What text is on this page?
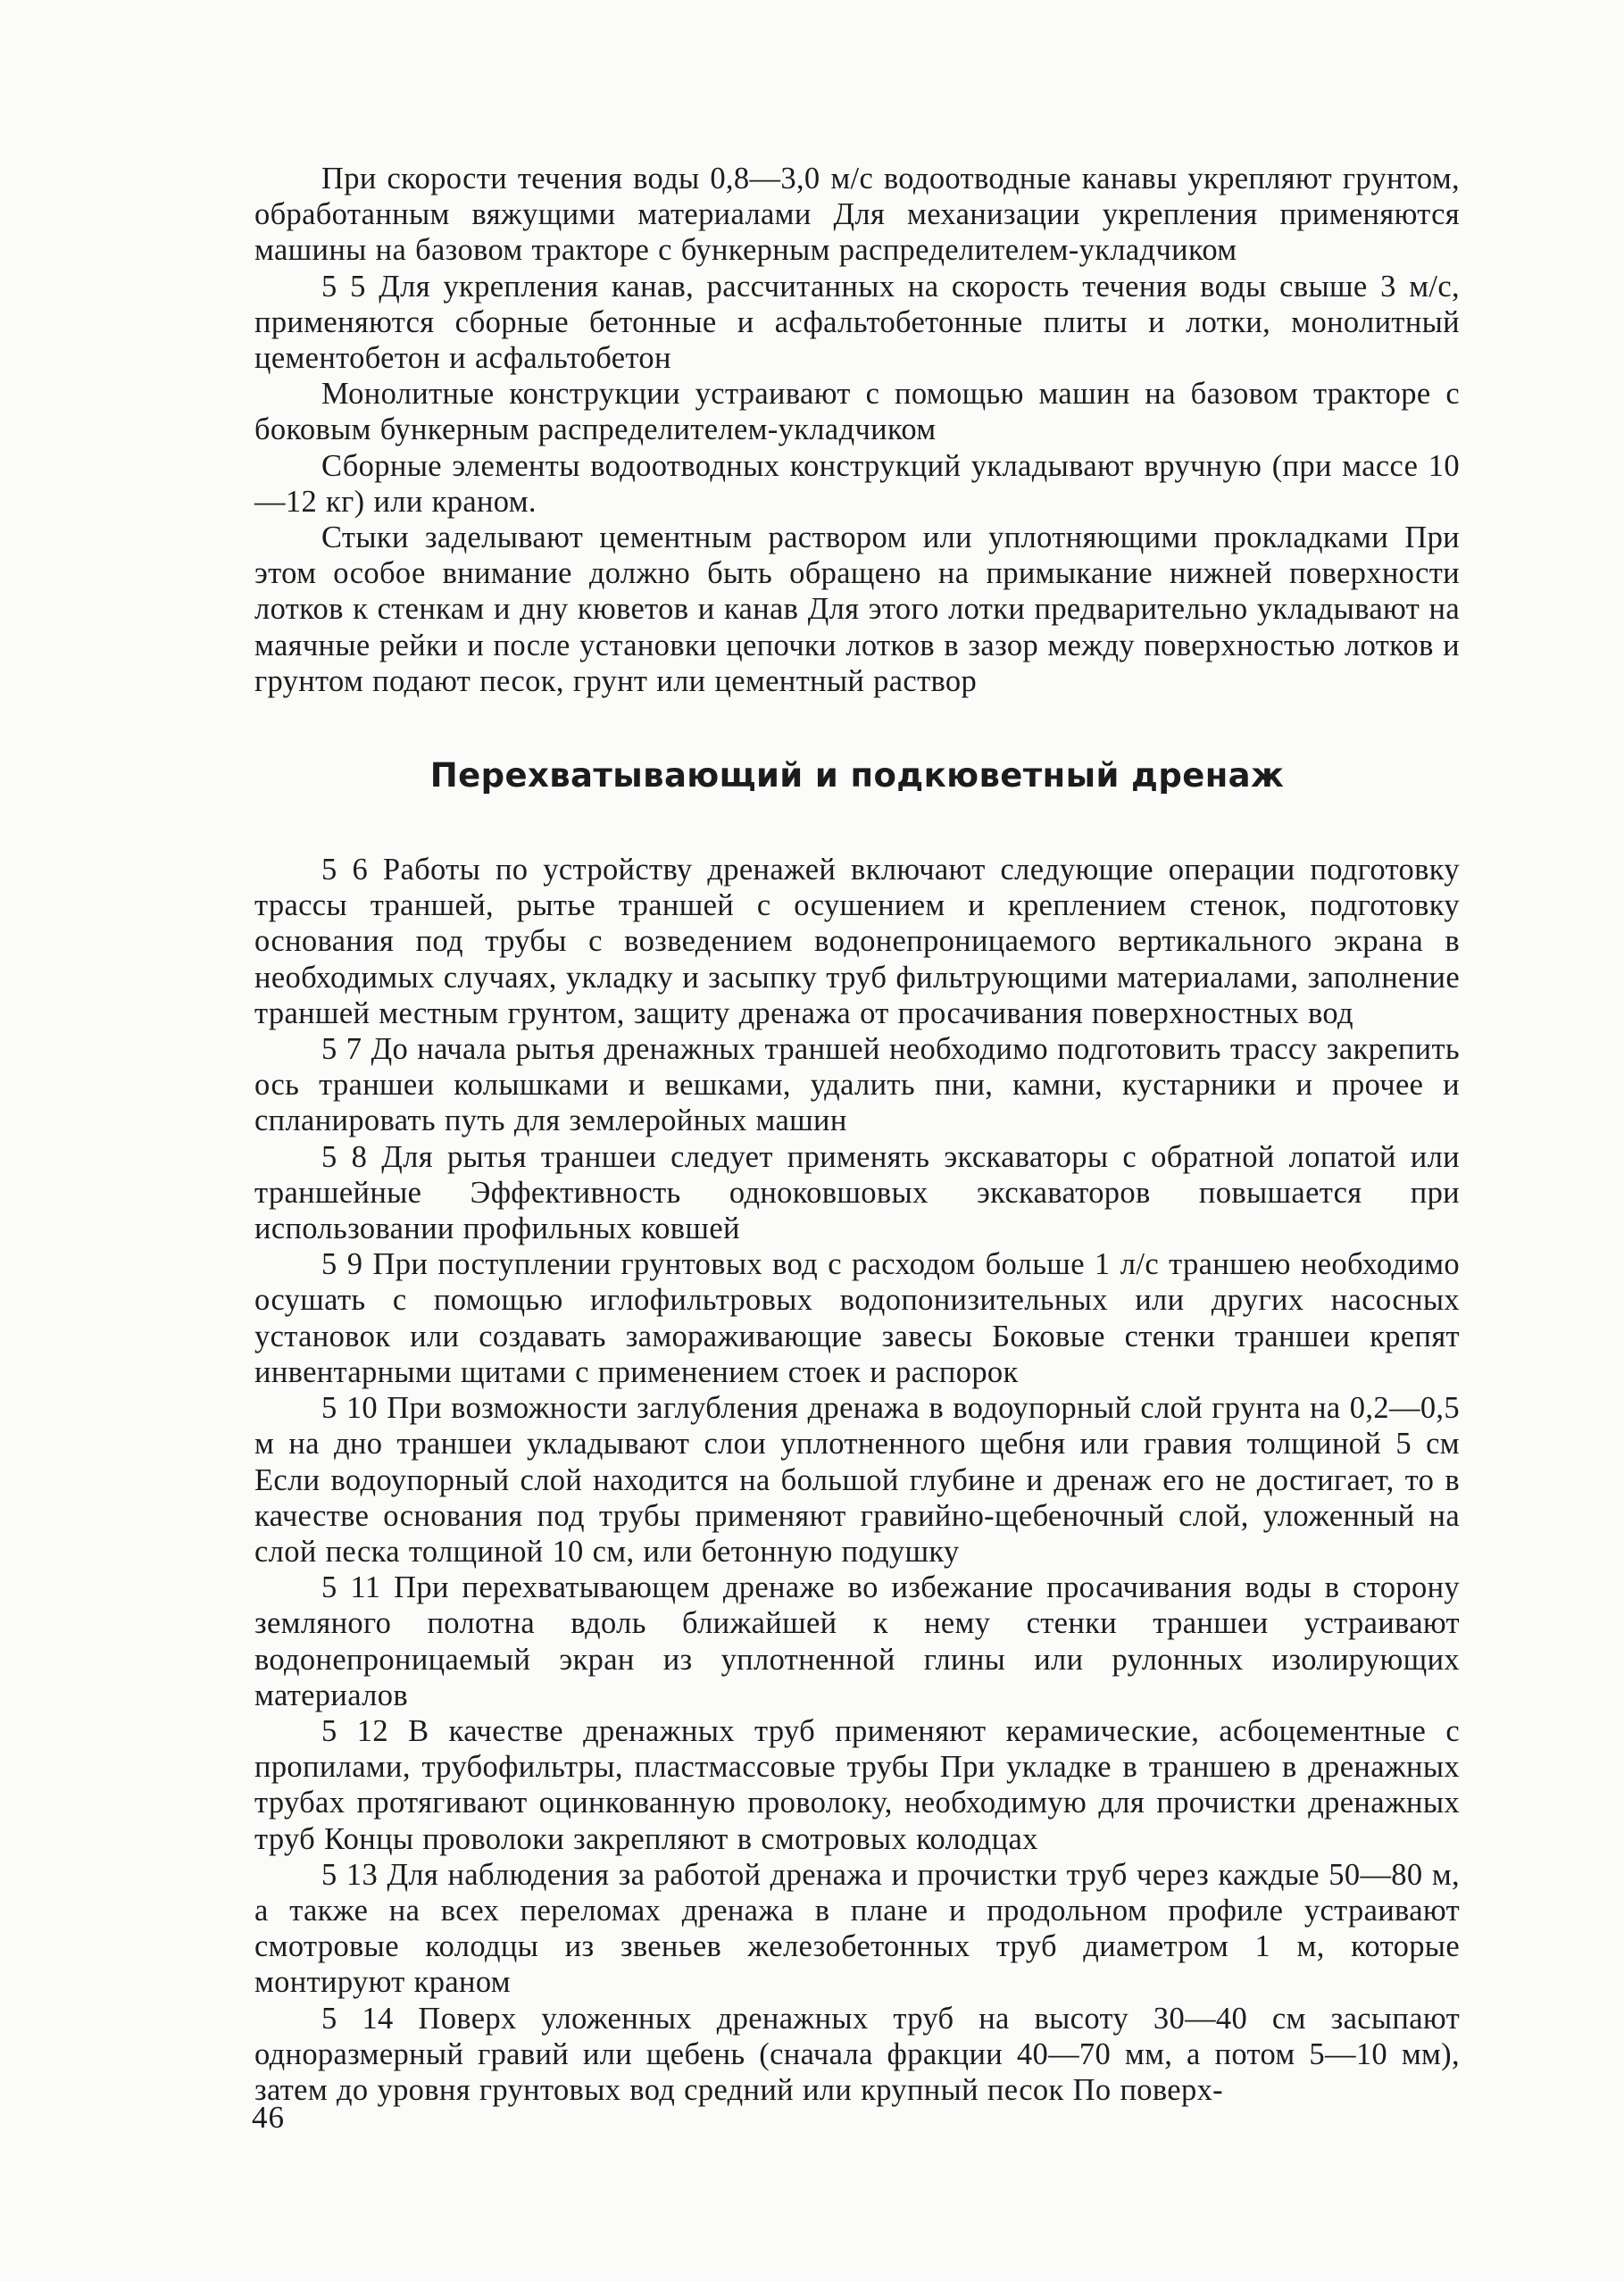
При скорости течения воды 0,8—3,0 м/с водоотводные канавы укрепляют грунтом, обработанным вяжущими материалами Для механизации укрепления применяются машины на базовом тракторе с бункерным распределителем-укладчиком

5 5 Для укрепления канав, рассчитанных на скорость течения воды свыше 3 м/с, применяются сборные бетонные и асфальтобетонные плиты и лотки, монолитный цементобетон и асфальтобетон

Монолитные конструкции устраивают с помощью машин на базовом тракторе с боковым бункерным распределителем-укладчиком

Сборные элементы водоотводных конструкций укладывают вручную (при массе 10—12 кг) или краном.

Стыки заделывают цементным раствором или уплотняющими прокладками При этом особое внимание должно быть обращено на примыкание нижней поверхности лотков к стенкам и дну кюветов и канав Для этого лотки предварительно укладывают на маячные рейки и после установки цепочки лотков в зазор между поверхностью лотков и грунтом подают песок, грунт или цементный раствор

Перехватывающий и подкюветный дренаж

5 6 Работы по устройству дренажей включают следующие операции подготовку трассы траншей, рытье траншей с осушением и креплением стенок, подготовку основания под трубы с возведением водонепроницаемого вертикального экрана в необходимых случаях, укладку и засыпку труб фильтрующими материалами, заполнение траншей местным грунтом, защиту дренажа от просачивания поверхностных вод

5 7 До начала рытья дренажных траншей необходимо подготовить трассу закрепить ось траншеи колышками и вешками, удалить пни, камни, кустарники и прочее и спланировать путь для землеройных машин

5 8 Для рытья траншеи следует применять экскаваторы с обратной лопатой или траншейные Эффективность одноковшовых экскаваторов повышается при использовании профильных ковшей

5 9 При поступлении грунтовых вод с расходом больше 1 л/с траншею необходимо осушать с помощью иглофильтровых водопонизительных или других насосных установок или создавать замораживающие завесы Боковые стенки траншеи крепят инвентарными щитами с применением стоек и распорок

5 10 При возможности заглубления дренажа в водоупорный слой грунта на 0,2—0,5 м на дно траншеи укладывают слои уплотненного щебня или гравия толщиной 5 см Если водоупорный слой находится на большой глубине и дренаж его не достигает, то в качестве основания под трубы применяют гравийно-щебеночный слой, уложенный на слой песка толщиной 10 см, или бетонную подушку

5 11 При перехватывающем дренаже во избежание просачивания воды в сторону земляного полотна вдоль ближайшей к нему стенки траншеи устраивают водонепроницаемый экран из уплотненной глины или рулонных изолирующих материалов

5 12 В качестве дренажных труб применяют керамические, асбоцементные с пропилами, трубофильтры, пластмассовые трубы При укладке в траншею в дренажных трубах протягивают оцинкованную проволоку, необходимую для прочистки дренажных труб Концы проволоки закрепляют в смотровых колодцах

5 13 Для наблюдения за работой дренажа и прочистки труб через каждые 50—80 м, а также на всех переломах дренажа в плане и продольном профиле устраивают смотровые колодцы из звеньев железобетонных труб диаметром 1 м, которые монтируют краном

5 14 Поверх уложенных дренажных труб на высоту 30—40 см засыпают одноразмерный гравий или щебень (сначала фракции 40—70 мм, а потом 5—10 мм), затем до уровня грунтовых вод средний или крупный песок По поверх-

46
